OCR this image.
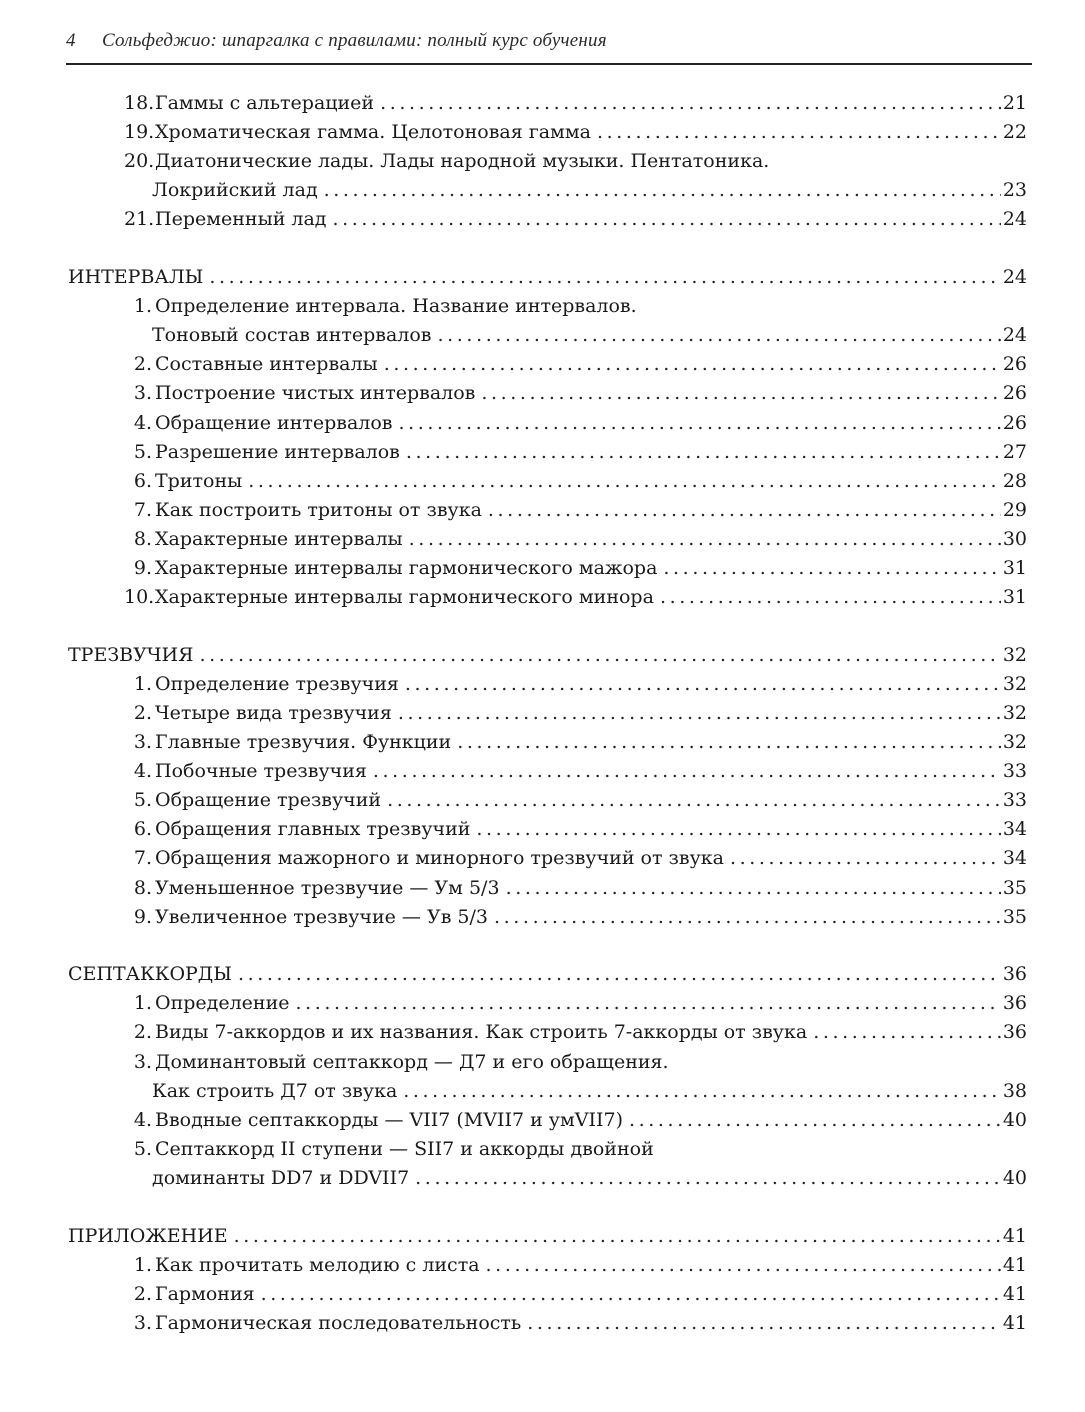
4 Сольфеджио: шпаргалка с правилами: полный курс обучения
18. Гаммы с альтерацией .....	21
19. Хроматическая гамма. Целотоновая гамма .....	22
20. Диатонические лады. Лады народной музыки. Пентатоника.
Локрийский лад .....	23
21. Переменный лад .....	24
ИНТЕРВАЛЫ .....	24
1. Определение интервала. Название интервалов.
Тоновый состав интервалов .....	24
2. Составные интервалы .....	26
3. Построение чистых интервалов .....	26
4. Обращение интервалов .....	26
5. Разрешение интервалов .....	27
6. Тритоны .....	28
7. Как построить тритоны от звука .....	29
8. Характерные интервалы .....	30
9. Характерные интервалы гармонического мажора .....	31
10. Характерные интервалы гармонического минора .....	31
ТРЕЗВУЧИЯ .....	32
1. Определение трезвучия .....	32
2. Четыре вида трезвучия .....	32
3. Главные трезвучия. Функции .....	32
4. Побочные трезвучия .....	33
5. Обращение трезвучий .....	33
6. Обращения главных трезвучий .....	34
7. Обращения мажорного и минорного трезвучий от звука .....	34
8. Уменьшенное трезвучие — Ум 5/3 .....	35
9. Увеличенное трезвучие — Ув 5/3 .....	35
СЕПТАККОРДЫ .....	36
1. Определение .....	36
2. Виды 7-аккордов и их названия. Как строить 7-аккорды от звука .....	36
3. Доминантовый септаккорд — Д7 и его обращения.
Как строить Д7 от звука .....	38
4. Вводные септаккорды — VII7 (МVII7 и умVII7) .....	40
5. Септаккорд II ступени — SII7 и аккорды двойной
доминанты DD7 и DDVII7 .....	40
ПРИЛОЖЕНИЕ .....	41
1. Как прочитать мелодию с листа .....	41
2. Гармония .....	41
3. Гармоническая последовательность .....	41
